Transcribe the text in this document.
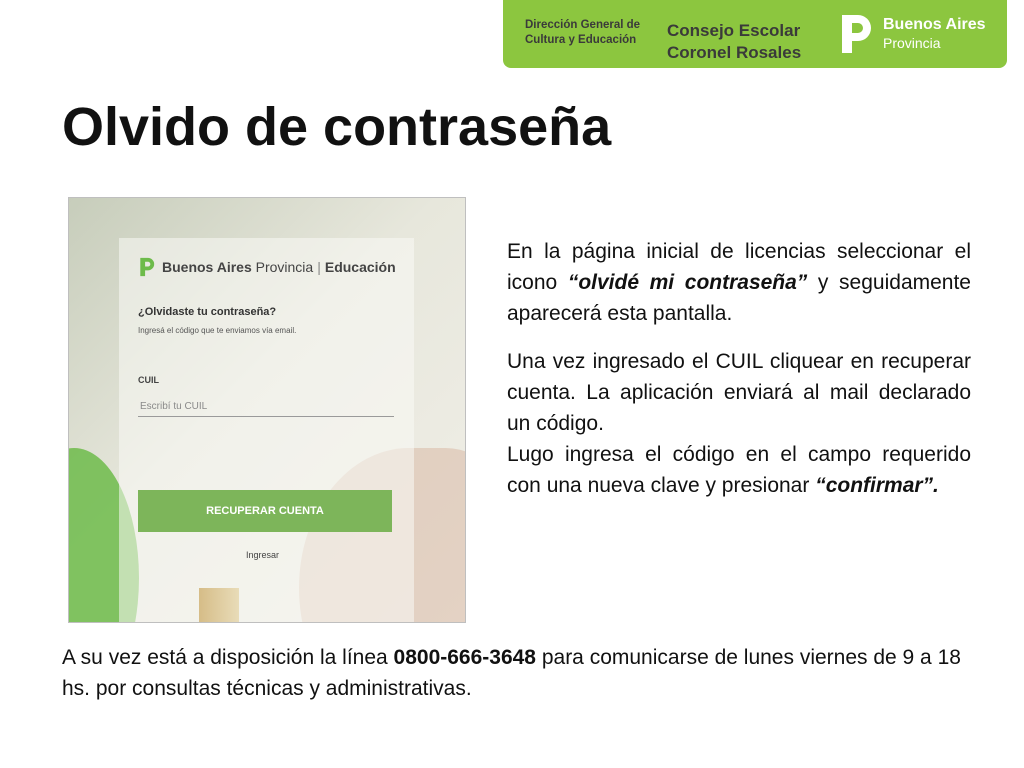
Dirección General de
Cultura y Educación Consejo Escolar
Coronel Rosales
Buenos Aires
Provincia
Olvido de contraseña
Buenos Aires
Provincia | Educación
¿Olvidaste tu contraseña?
Ingresá el código que te enviamos vía email.
CUIL
Escribí tu CUIL
RECUPERAR CUENTA
Ingresar

En la página inicial de licencias seleccionar el icono “olvidé mi contraseña” y seguidamente aparecerá esta pantalla.

Una vez ingresado el CUIL cliquear en recuperar cuenta. La aplicación enviará al mail declarado un código.

Lugo ingresa el código en el campo requerido con una nueva clave y presionar “confirmar”.

A su vez está a disposición la línea 0800-666-3648 para comunicarse de lunes viernes de 9 a 18 hs. por consultas técnicas y administrativas.
